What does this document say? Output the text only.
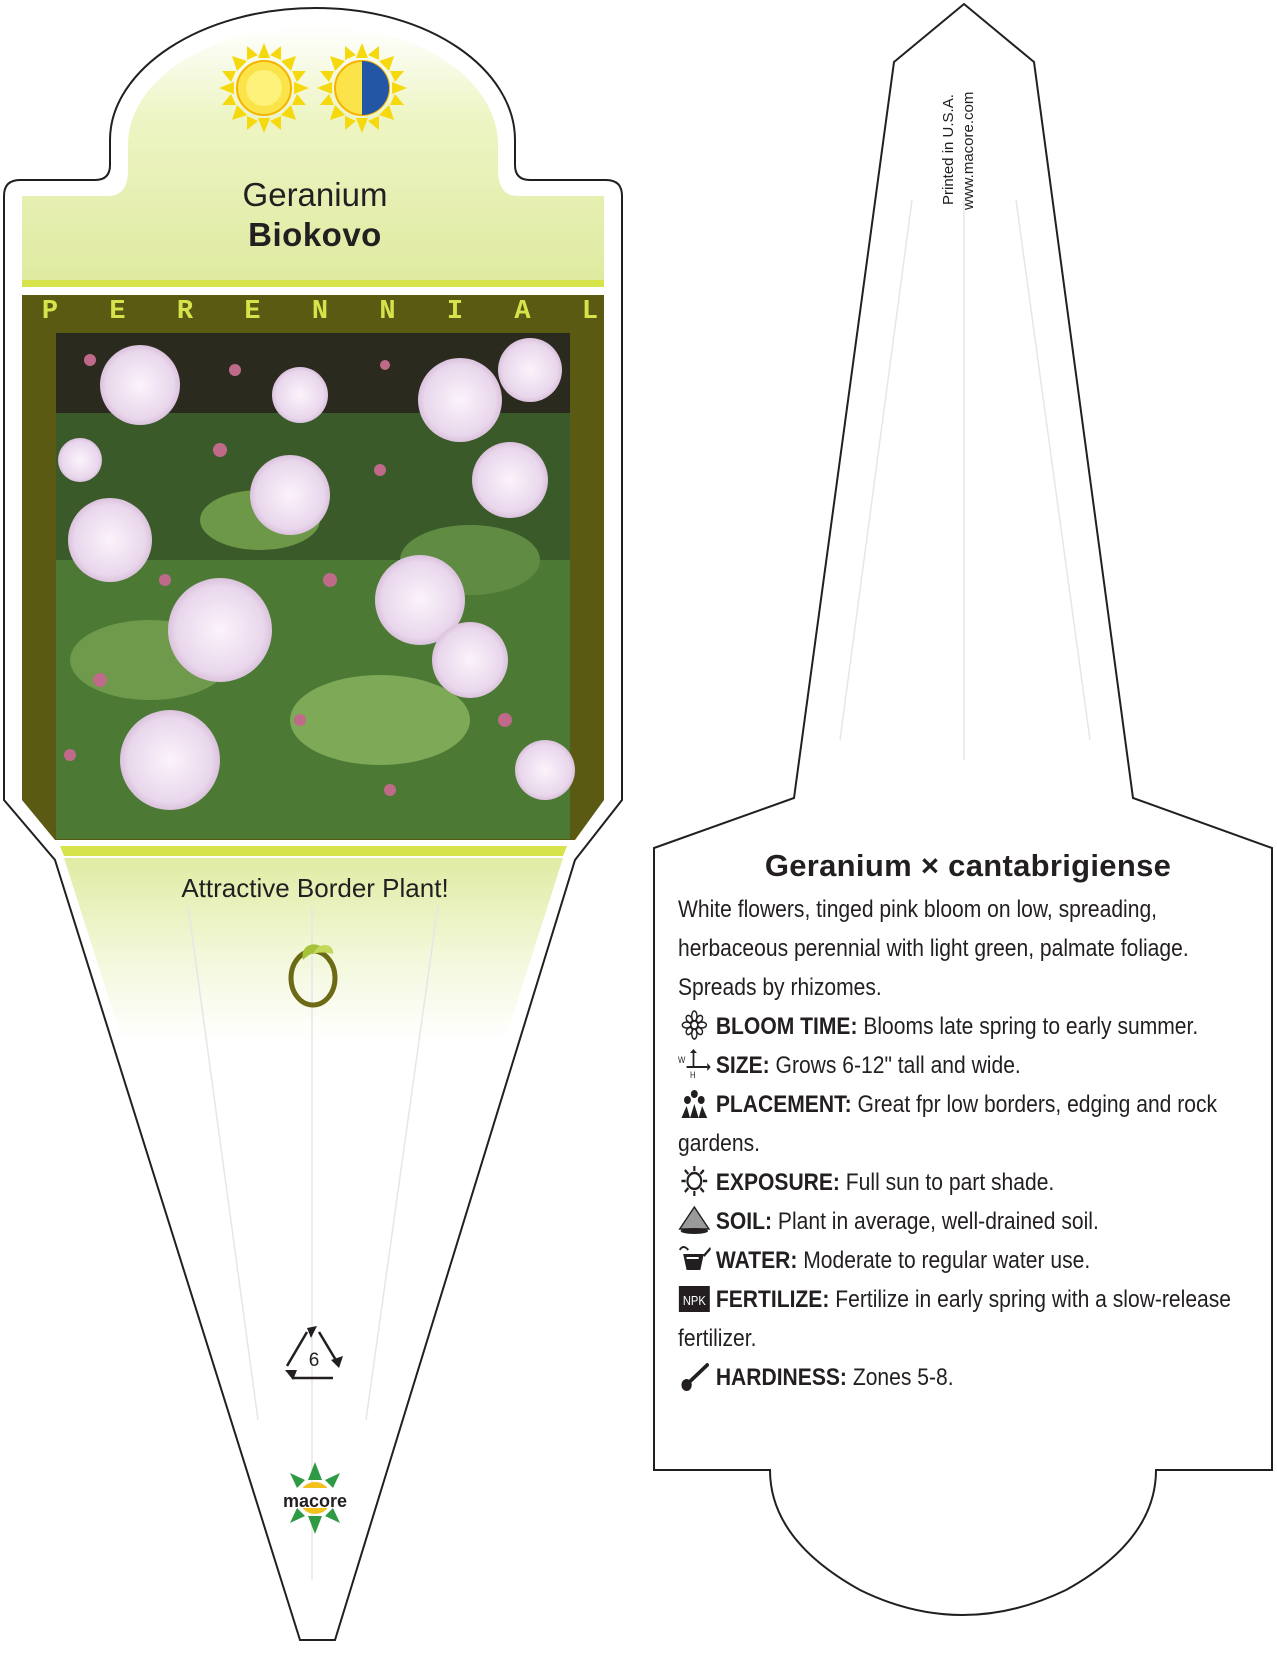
Geranium
Biokovo
P E R E N N I A L
Attractive Border Plant!
6
macore
Printed in U.S.A. www.macore.com
Geranium × cantabrigiense
White flowers, tinged pink bloom on low, spreading, herbaceous perennial with light green, palmate foliage. Spreads by rhizomes.
BLOOM TIME: Blooms late spring to early summer.
W
H SIZE: Grows 6-12" tall and wide.
PLACEMENT: Great fpr low borders, edging and rock gardens.
EXPOSURE: Full sun to part shade.
SOIL: Plant in average, well-drained soil.
WATER: Moderate to regular water use.
NPK FERTILIZE: Fertilize in early spring with a slow-release fertilizer.
HARDINESS: Zones 5-8.
